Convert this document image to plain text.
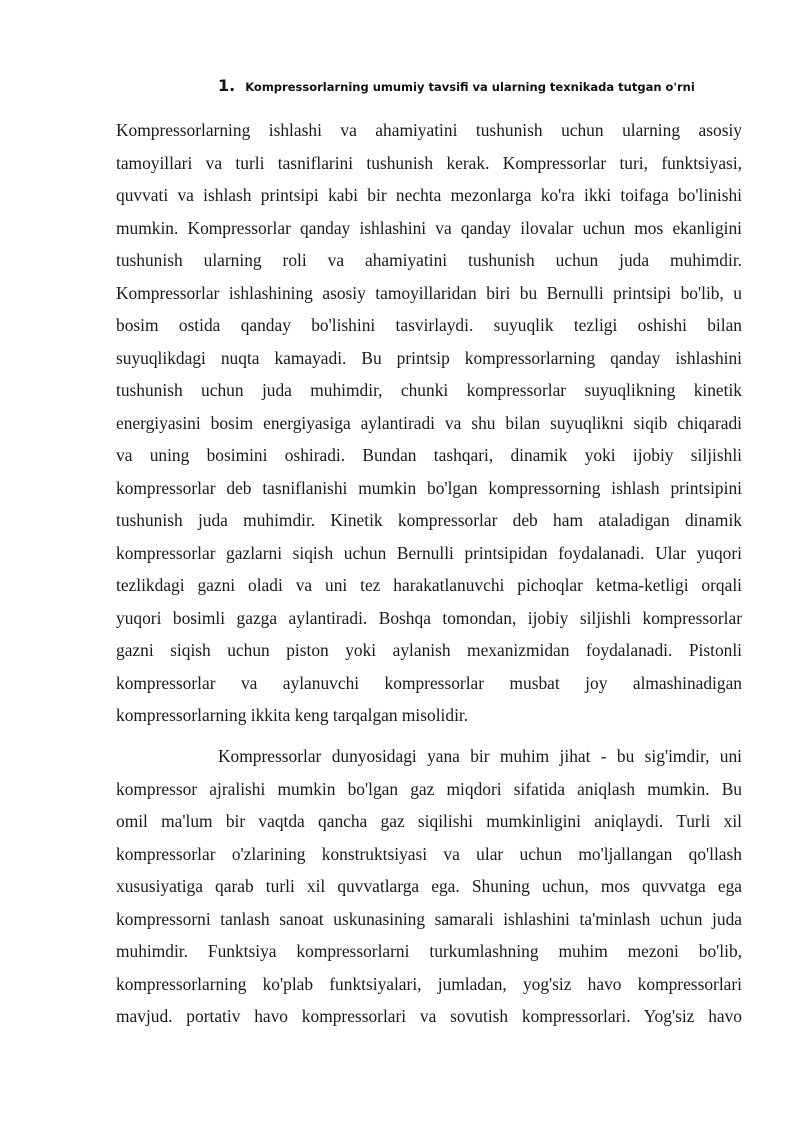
1. Kompressorlarning umumiy tavsifi va ularning texnikada tutgan o'rni
Kompressorlarning ishlashi va ahamiyatini tushunish uchun ularning asosiy
tamoyillari va turli tasniflarini tushunish kerak. Kompressorlar turi, funktsiyasi,
quvvati va ishlash printsipi kabi bir nechta mezonlarga ko'ra ikki toifaga bo'linishi
mumkin. Kompressorlar qanday ishlashini va qanday ilovalar uchun mos ekanligini
tushunish ularning roli va ahamiyatini tushunish uchun juda muhimdir.
Kompressorlar ishlashining asosiy tamoyillaridan biri bu Bernulli printsipi bo'lib, u
bosim ostida qanday bo'lishini tasvirlaydi. suyuqlik tezligi oshishi bilan
suyuqlikdagi nuqta kamayadi. Bu printsip kompressorlarning qanday ishlashini
tushunish uchun juda muhimdir, chunki kompressorlar suyuqlikning kinetik
energiyasini bosim energiyasiga aylantiradi va shu bilan suyuqlikni siqib chiqaradi
va uning bosimini oshiradi. Bundan tashqari, dinamik yoki ijobiy siljishli
kompressorlar deb tasniflanishi mumkin bo'lgan kompressorning ishlash printsipini
tushunish juda muhimdir. Kinetik kompressorlar deb ham ataladigan dinamik
kompressorlar gazlarni siqish uchun Bernulli printsipidan foydalanadi. Ular yuqori
tezlikdagi gazni oladi va uni tez harakatlanuvchi pichoqlar ketma-ketligi orqali
yuqori bosimli gazga aylantiradi. Boshqa tomondan, ijobiy siljishli kompressorlar
gazni siqish uchun piston yoki aylanish mexanizmidan foydalanadi. Pistonli
kompressorlar va aylanuvchi kompressorlar musbat joy almashinadigan
kompressorlarning ikkita keng tarqalgan misolidir.
Kompressorlar dunyosidagi yana bir muhim jihat - bu sig'imdir, uni
kompressor ajralishi mumkin bo'lgan gaz miqdori sifatida aniqlash mumkin. Bu
omil ma'lum bir vaqtda qancha gaz siqilishi mumkinligini aniqlaydi. Turli xil
kompressorlar o'zlarining konstruktsiyasi va ular uchun mo'ljallangan qo'llash
xususiyatiga qarab turli xil quvvatlarga ega. Shuning uchun, mos quvvatga ega
kompressorni tanlash sanoat uskunasining samarali ishlashini ta'minlash uchun juda
muhimdir. Funktsiya kompressorlarni turkumlashning muhim mezoni bo'lib,
kompressorlarning ko'plab funktsiyalari, jumladan, yog'siz havo kompressorlari
mavjud. portativ havo kompressorlari va sovutish kompressorlari. Yog'siz havo
